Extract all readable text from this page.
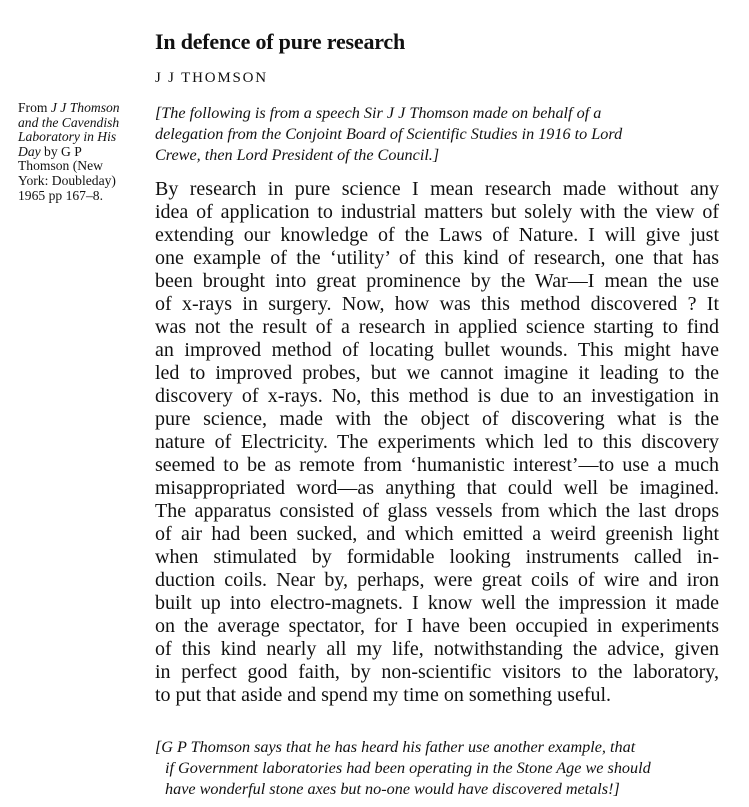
In defence of pure research
J J THOMSON
From J J Thomson
and the Cavendish
Laboratory in His
Day by G P
Thomson (New
York: Doubleday)
1965 pp 167–8.
[The following is from a speech Sir J J Thomson made on behalf of a
delegation from the Conjoint Board of Scientific Studies in 1916 to Lord
Crewe, then Lord President of the Council.]
By research in pure science I mean research made without any
idea of application to industrial matters but solely with the view of
extending our knowledge of the Laws of Nature. I will give just
one example of the ‘utility’ of this kind of research, one that has
been brought into great prominence by the War—I mean the use
of x-rays in surgery. Now, how was this method discovered ? It
was not the result of a research in applied science starting to find
an improved method of locating bullet wounds. This might have
led to improved probes, but we cannot imagine it leading to the
discovery of x-rays. No, this method is due to an investigation in
pure science, made with the object of discovering what is the
nature of Electricity. The experiments which led to this discovery
seemed to be as remote from ‘humanistic interest’—to use a much
misappropriated word—as anything that could well be imagined.
The apparatus consisted of glass vessels from which the last drops
of air had been sucked, and which emitted a weird greenish light
when stimulated by formidable looking instruments called in-
duction coils. Near by, perhaps, were great coils of wire and iron
built up into electro-magnets. I know well the impression it made
on the average spectator, for I have been occupied in experiments
of this kind nearly all my life, notwithstanding the advice, given
in perfect good faith, by non-scientific visitors to the laboratory,
to put that aside and spend my time on something useful.
[G P Thomson says that he has heard his father use another example, that
if Government laboratories had been operating in the Stone Age we should
have wonderful stone axes but no-one would have discovered metals!]
